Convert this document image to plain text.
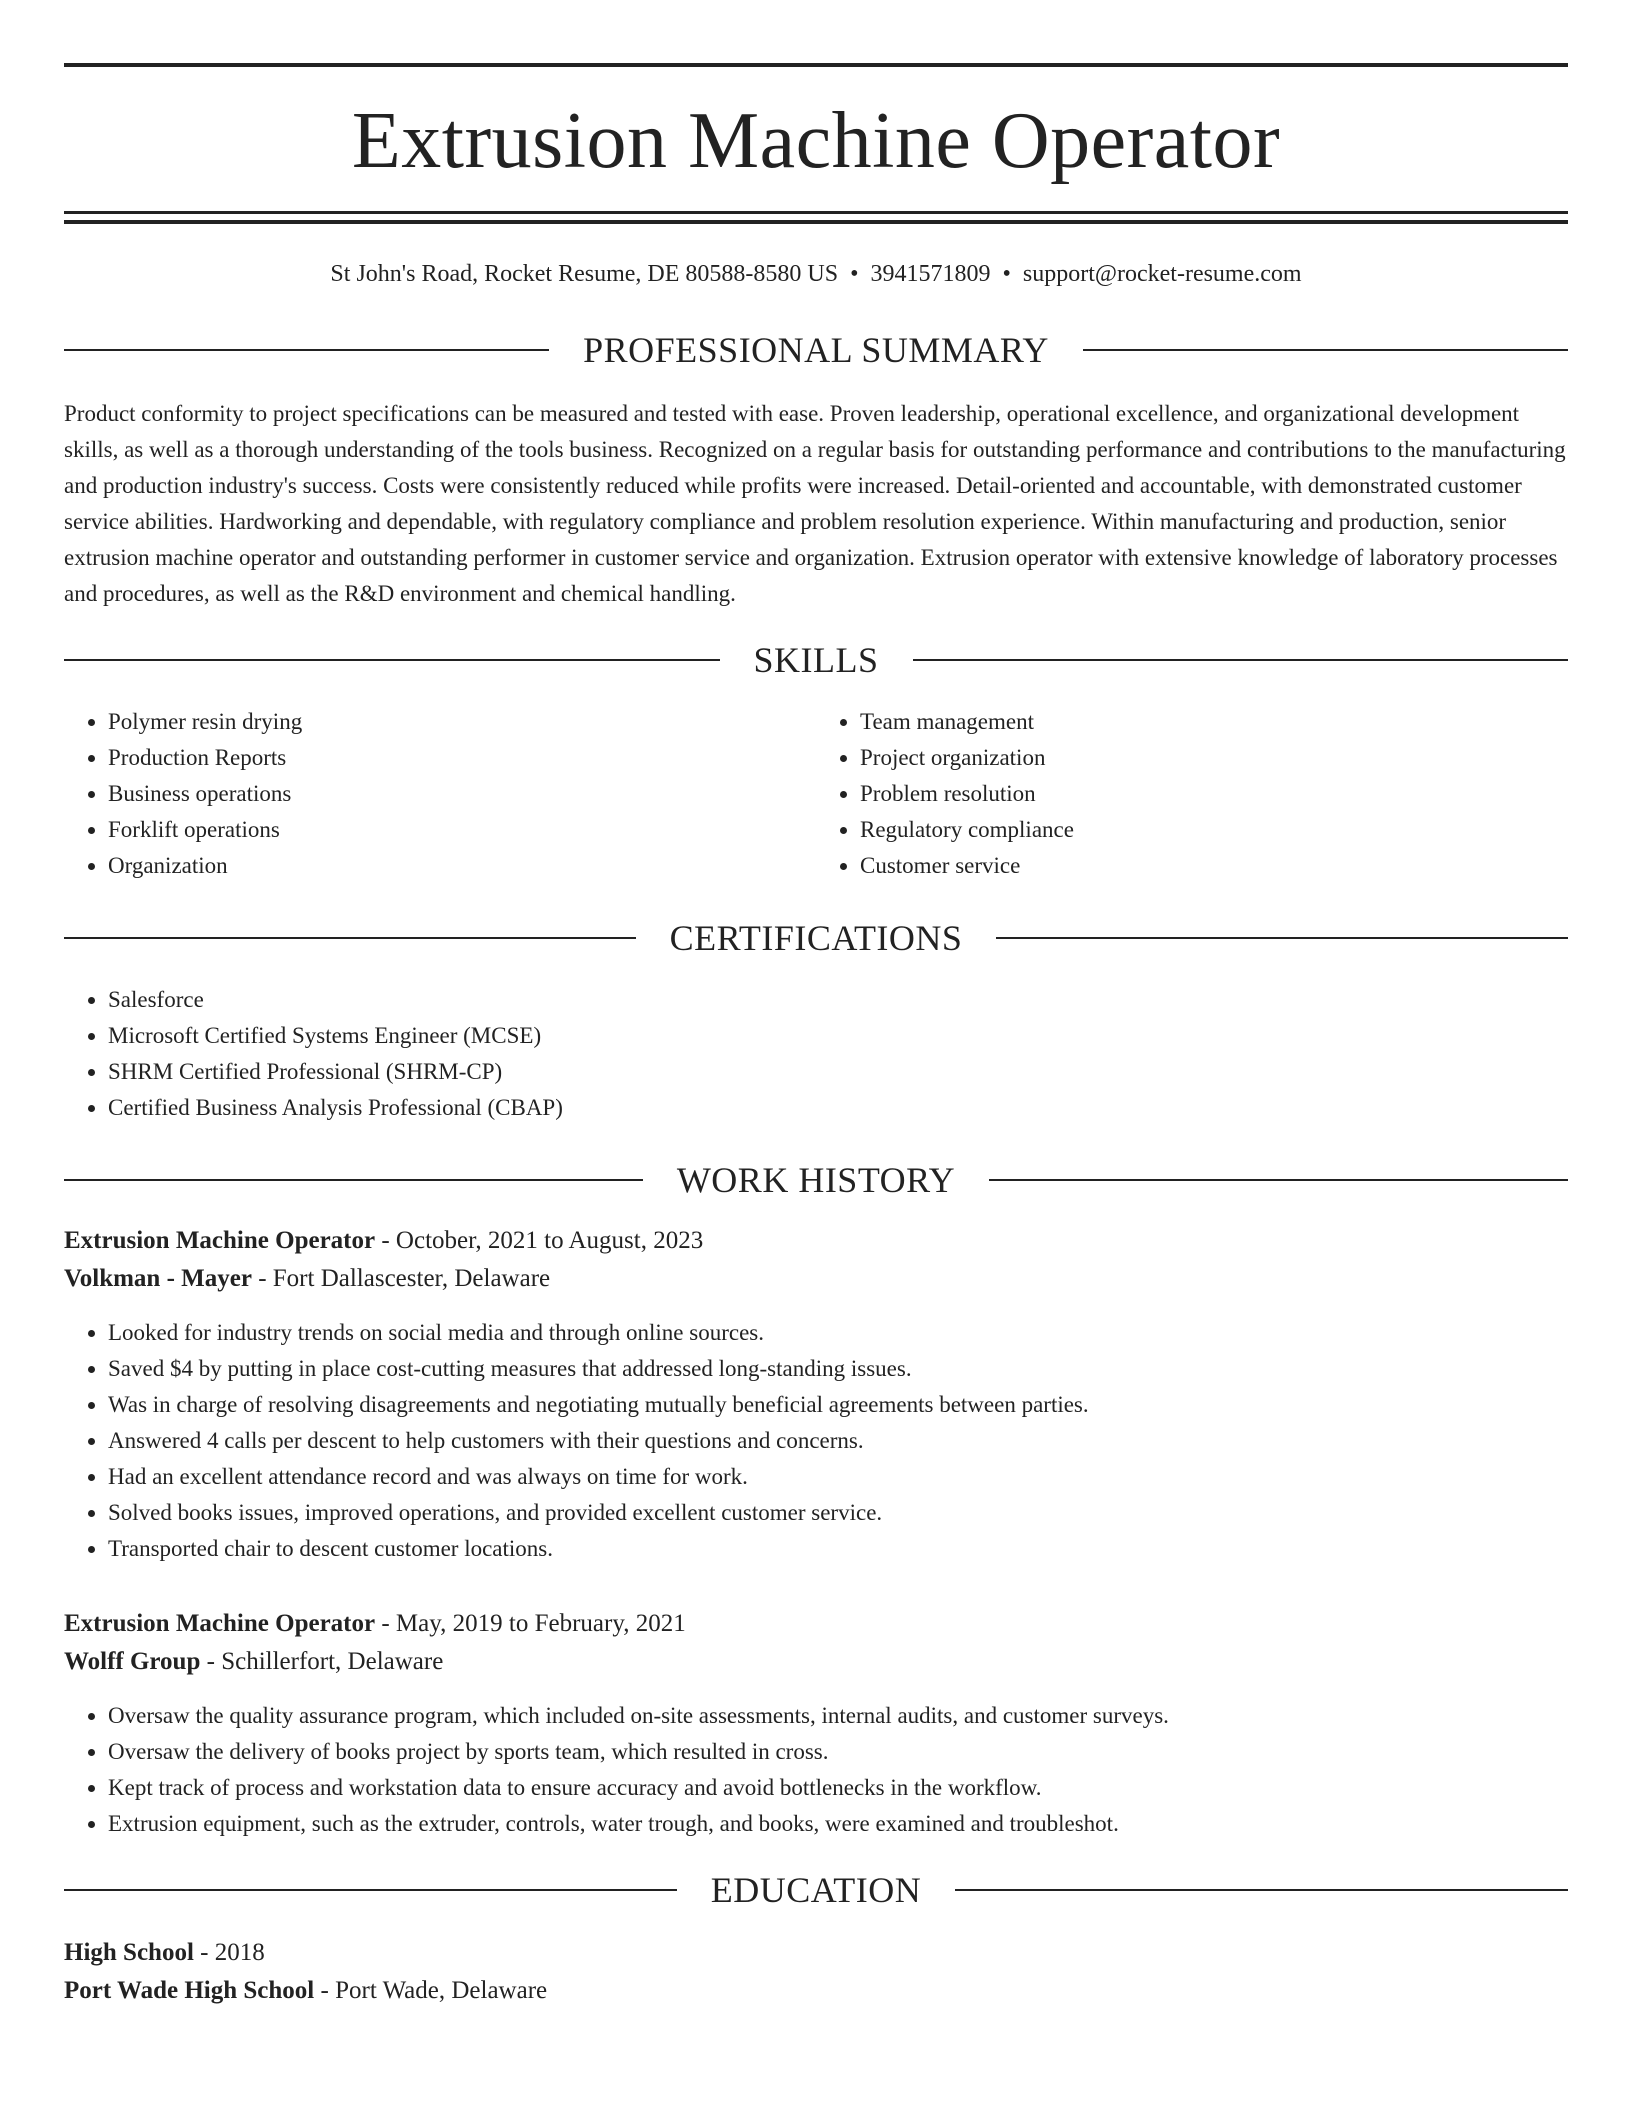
Extrusion Machine Operator
St John's Road, Rocket Resume, DE 80588-8580 US • 3941571809 • support@rocket-resume.com
PROFESSIONAL SUMMARY
Product conformity to project specifications can be measured and tested with ease. Proven leadership, operational excellence, and organizational development skills, as well as a thorough understanding of the tools business. Recognized on a regular basis for outstanding performance and contributions to the manufacturing and production industry's success. Costs were consistently reduced while profits were increased. Detail-oriented and accountable, with demonstrated customer service abilities. Hardworking and dependable, with regulatory compliance and problem resolution experience. Within manufacturing and production, senior extrusion machine operator and outstanding performer in customer service and organization. Extrusion operator with extensive knowledge of laboratory processes and procedures, as well as the R&D environment and chemical handling.
SKILLS
• Polymer resin drying
• Production Reports
• Business operations
• Forklift operations
• Organization
• Team management
• Project organization
• Problem resolution
• Regulatory compliance
• Customer service
CERTIFICATIONS
• Salesforce
• Microsoft Certified Systems Engineer (MCSE)
• SHRM Certified Professional (SHRM-CP)
• Certified Business Analysis Professional (CBAP)
WORK HISTORY
Extrusion Machine Operator - October, 2021 to August, 2023
Volkman - Mayer - Fort Dallascester, Delaware
• Looked for industry trends on social media and through online sources.
• Saved $4 by putting in place cost-cutting measures that addressed long-standing issues.
• Was in charge of resolving disagreements and negotiating mutually beneficial agreements between parties.
• Answered 4 calls per descent to help customers with their questions and concerns.
• Had an excellent attendance record and was always on time for work.
• Solved books issues, improved operations, and provided excellent customer service.
• Transported chair to descent customer locations.
Extrusion Machine Operator - May, 2019 to February, 2021
Wolff Group - Schillerfort, Delaware
• Oversaw the quality assurance program, which included on-site assessments, internal audits, and customer surveys.
• Oversaw the delivery of books project by sports team, which resulted in cross.
• Kept track of process and workstation data to ensure accuracy and avoid bottlenecks in the workflow.
• Extrusion equipment, such as the extruder, controls, water trough, and books, were examined and troubleshot.
EDUCATION
High School - 2018
Port Wade High School - Port Wade, Delaware
